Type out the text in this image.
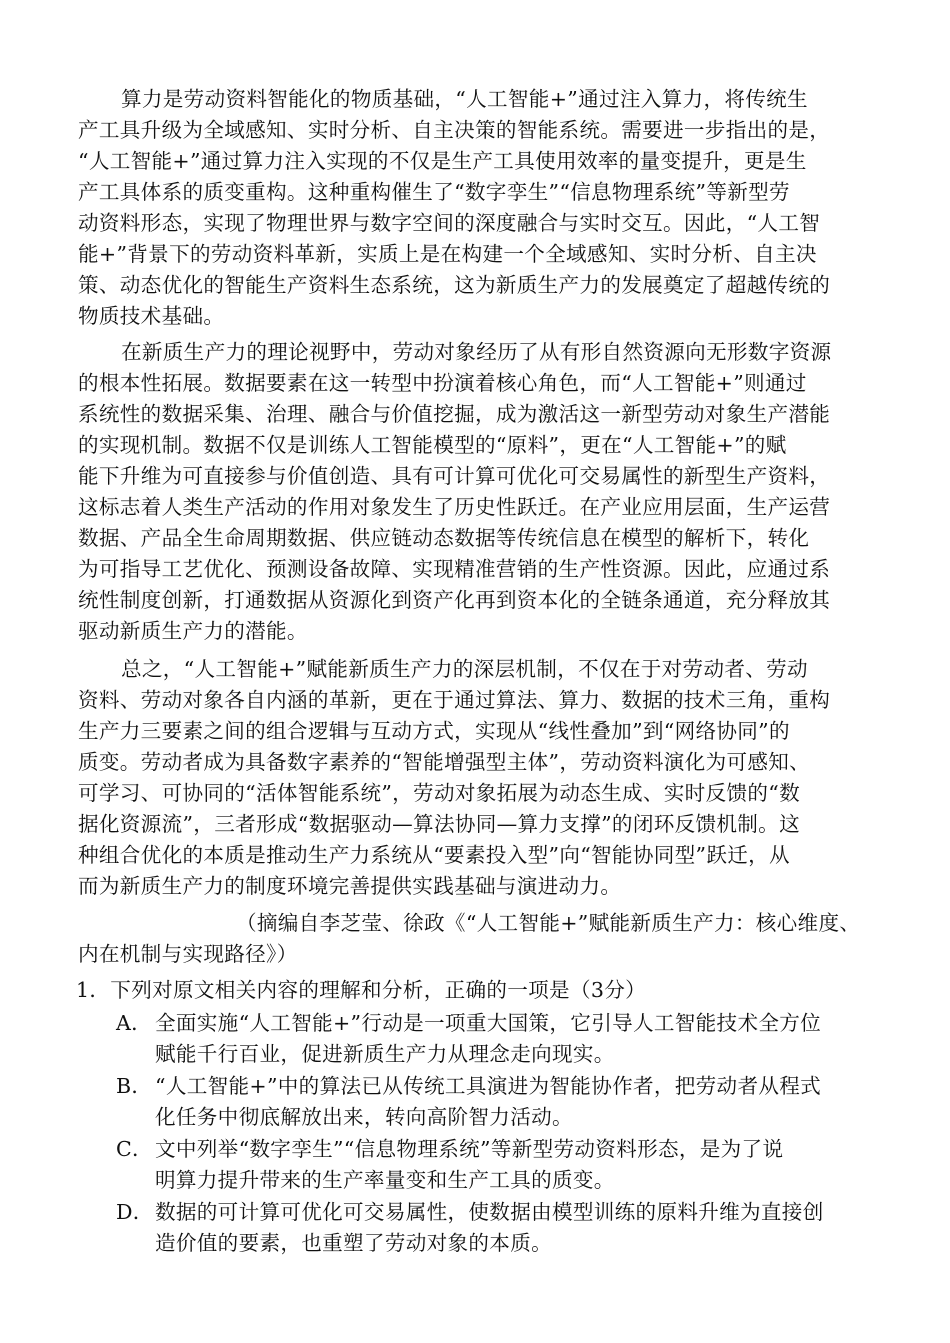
算力是劳动资料智能化的物质基础，“人工智能+”通过注入算力，将传统生

产工具升级为全域感知、实时分析、自主决策的智能系统。需要进一步指出的是，

“人工智能+”通过算力注入实现的不仅是生产工具使用效率的量变提升，更是生

产工具体系的质变重构。这种重构催生了“数字孪生”“信息物理系统”等新型劳

动资料形态，实现了物理世界与数字空间的深度融合与实时交互。因此，“人工智

能+”背景下的劳动资料革新，实质上是在构建一个全域感知、实时分析、自主决

策、动态优化的智能生产资料生态系统，这为新质生产力的发展奠定了超越传统的

物质技术基础。

在新质生产力的理论视野中，劳动对象经历了从有形自然资源向无形数字资源

的根本性拓展。数据要素在这一转型中扮演着核心角色，而“人工智能+”则通过

系统性的数据采集、治理、融合与价值挖掘，成为激活这一新型劳动对象生产潜能

的实现机制。数据不仅是训练人工智能模型的“原料”，更在“人工智能+”的赋

能下升维为可直接参与价值创造、具有可计算可优化可交易属性的新型生产资料，

这标志着人类生产活动的作用对象发生了历史性跃迁。在产业应用层面，生产运营

数据、产品全生命周期数据、供应链动态数据等传统信息在模型的解析下，转化

为可指导工艺优化、预测设备故障、实现精准营销的生产性资源。因此，应通过系

统性制度创新，打通数据从资源化到资产化再到资本化的全链条通道，充分释放其

驱动新质生产力的潜能。

总之，“人工智能+”赋能新质生产力的深层机制，不仅在于对劳动者、劳动

资料、劳动对象各自内涵的革新，更在于通过算法、算力、数据的技术三角，重构

生产力三要素之间的组合逻辑与互动方式，实现从“线性叠加”到“网络协同”的

质变。劳动者成为具备数字素养的“智能增强型主体”，劳动资料演化为可感知、

可学习、可协同的“活体智能系统”，劳动对象拓展为动态生成、实时反馈的“数

据化资源流”，三者形成“数据驱动—算法协同—算力支撑”的闭环反馈机制。这

种组合优化的本质是推动生产力系统从“要素投入型”向“智能协同型”跃迁，从

而为新质生产力的制度环境完善提供实践基础与演进动力。

（摘编自李芝莹、徐政《“人工智能+”赋能新质生产力：核心维度、

内在机制与实现路径》）

1．下列对原文相关内容的理解和分析，正确的一项是（3分）

A． 全面实施“人工智能+”行动是一项重大国策，它引导人工智能技术全方位

赋能千行百业，促进新质生产力从理念走向现实。

B． “人工智能+”中的算法已从传统工具演进为智能协作者，把劳动者从程式

化任务中彻底解放出来，转向高阶智力活动。

C． 文中列举“数字孪生”“信息物理系统”等新型劳动资料形态，是为了说

明算力提升带来的生产率量变和生产工具的质变。

D． 数据的可计算可优化可交易属性，使数据由模型训练的原料升维为直接创

造价值的要素，也重塑了劳动对象的本质。
